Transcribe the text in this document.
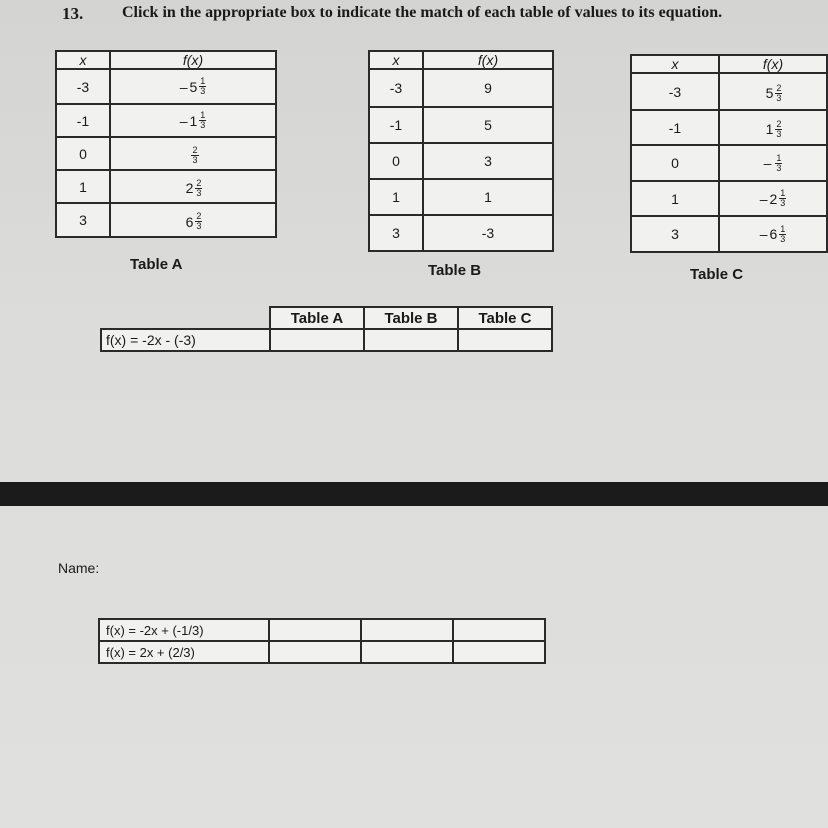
13. Click in the appropriate box to indicate the match of each table of values to its equation.
x	f(x)
-3	– 5 1
3

-1	– 1 1
3

0	2
3

1	2 2
3

3	6 2
3
Table A
x	f(x)
-3	9
-1	5
0	3
1	1
3	-3
Table B
x	f(x)
-3	5 2
3

-1	1 2
3

0	– 1
3

1	– 2 1
3

3	– 6 1
3
Table C
	Table A	Table B	Table C
f(x) = -2x - (-3)			
Name:
f(x) = -2x + (-1/3)			
f(x) = 2x + (2/3)			
